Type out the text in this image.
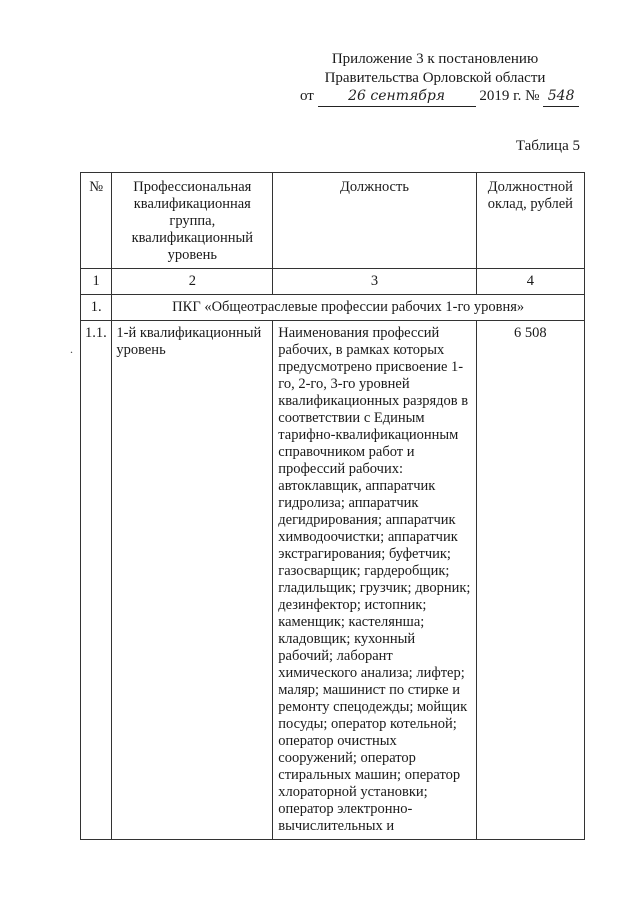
Приложение 3 к постановлению
Правительства Орловской области
от 26 сентября 2019 г. № 548
Таблица 5
.
№	Профессиональная квалификационная группа, квалификационный уровень	Должность	Должностной оклад, рублей
1	2	3	4
1.	ПКГ «Общеотраслевые профессии рабочих 1-го уровня»		
1.1.	1-й квалификационный уровень	Наименования профессий рабочих, в рамках которых предусмотрено присвоение 1-го, 2-го, 3-го уровней квалификационных разрядов в соответствии с Единым тарифно-квалификационным справочником работ и профессий рабочих: автоклавщик, аппаратчик гидролиза; аппаратчик дегидрирования; аппаратчик химводоочистки; аппаратчик экстрагирования; буфетчик; газосварщик; гардеробщик; гладильщик; грузчик; дворник; дезинфектор; истопник; каменщик; кастелянша; кладовщик; кухонный рабочий; лаборант химического анализа; лифтер; маляр; машинист по стирке и ремонту спецодежды; мойщик посуды; оператор котельной; оператор очистных сооружений; оператор стиральных машин; оператор хлораторной установки; оператор электронно-вычислительных и	6 508
